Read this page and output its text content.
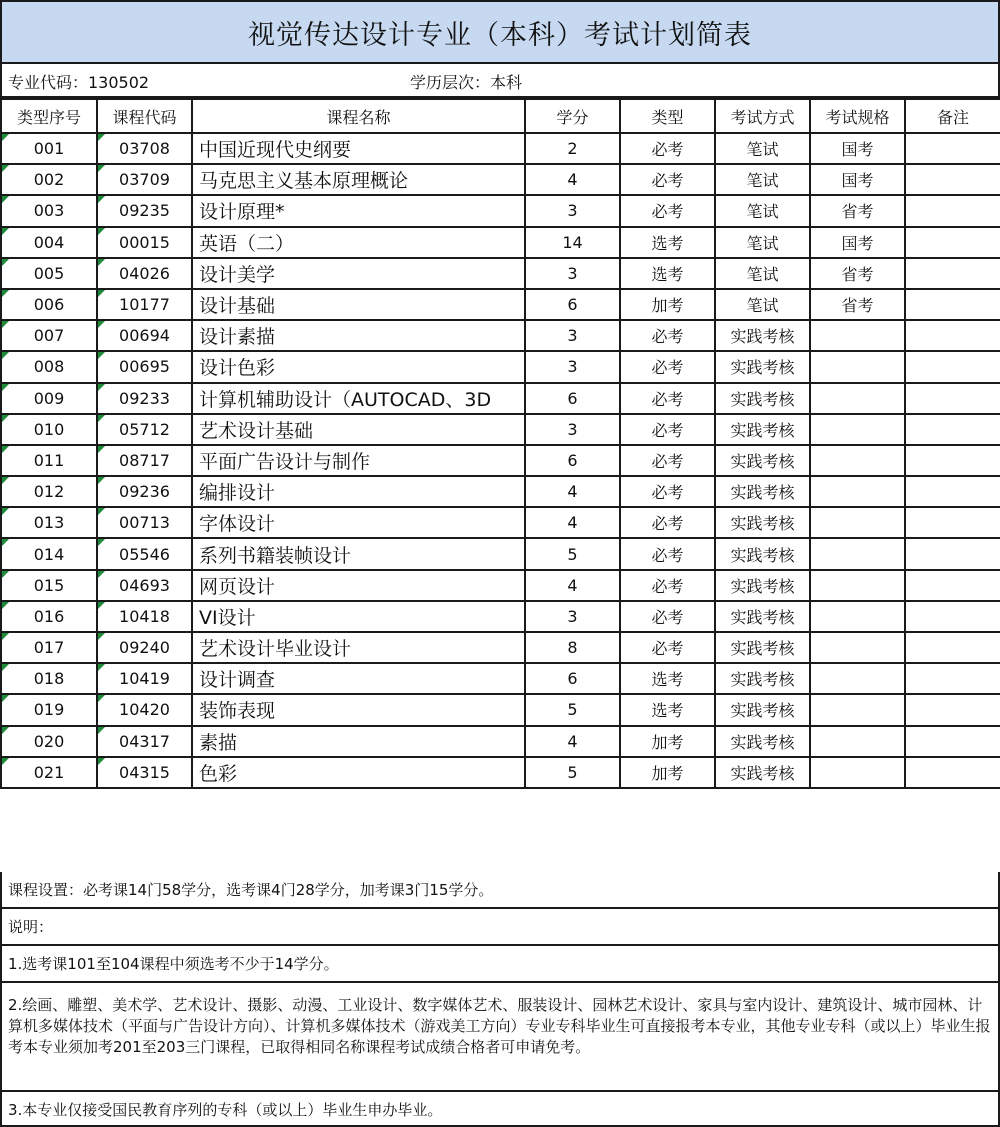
视觉传达设计专业（本科）考试计划简表
专业代码：130502	学历层次：本科
类型序号	课程代码	课程名称	学分	类型	考试方式	考试规格	备注
001	03708	中国近现代史纲要	2	必考	笔试	国考	
002	03709	马克思主义基本原理概论	4	必考	笔试	国考	
003	09235	设计原理*	3	必考	笔试	省考	
004	00015	英语（二）	14	选考	笔试	国考	
005	04026	设计美学	3	选考	笔试	省考	
006	10177	设计基础	6	加考	笔试	省考	
007	00694	设计素描	3	必考	实践考核		
008	00695	设计色彩	3	必考	实践考核		
009	09233	计算机辅助设计（AUTOCAD、3D	6	必考	实践考核		
010	05712	艺术设计基础	3	必考	实践考核		
011	08717	平面广告设计与制作	6	必考	实践考核		
012	09236	编排设计	4	必考	实践考核		
013	00713	字体设计	4	必考	实践考核		
014	05546	系列书籍装帧设计	5	必考	实践考核		
015	04693	网页设计	4	必考	实践考核		
016	10418	VI设计	3	必考	实践考核		
017	09240	艺术设计毕业设计	8	必考	实践考核		
018	10419	设计调查	6	选考	实践考核		
019	10420	装饰表现	5	选考	实践考核		
020	04317	素描	4	加考	实践考核		
021	04315	色彩	5	加考	实践考核		
课程设置：必考课14门58学分，选考课4门28学分，加考课3门15学分。
说明：
1.选考课101至104课程中须选考不少于14学分。
2.绘画、雕塑、美术学、艺术设计、摄影、动漫、工业设计、数字媒体艺术、服装设计、园林艺术设计、家具与室内设计、建筑设计、城市园林、计算机多媒体技术（平面与广告设计方向）、计算机多媒体技术（游戏美工方向）专业专科毕业生可直接报考本专业，其他专业专科（或以上）毕业生报考本专业须加考201至203三门课程，已取得相同名称课程考试成绩合格者可申请免考。
3.本专业仅接受国民教育序列的专科（或以上）毕业生申办毕业。
